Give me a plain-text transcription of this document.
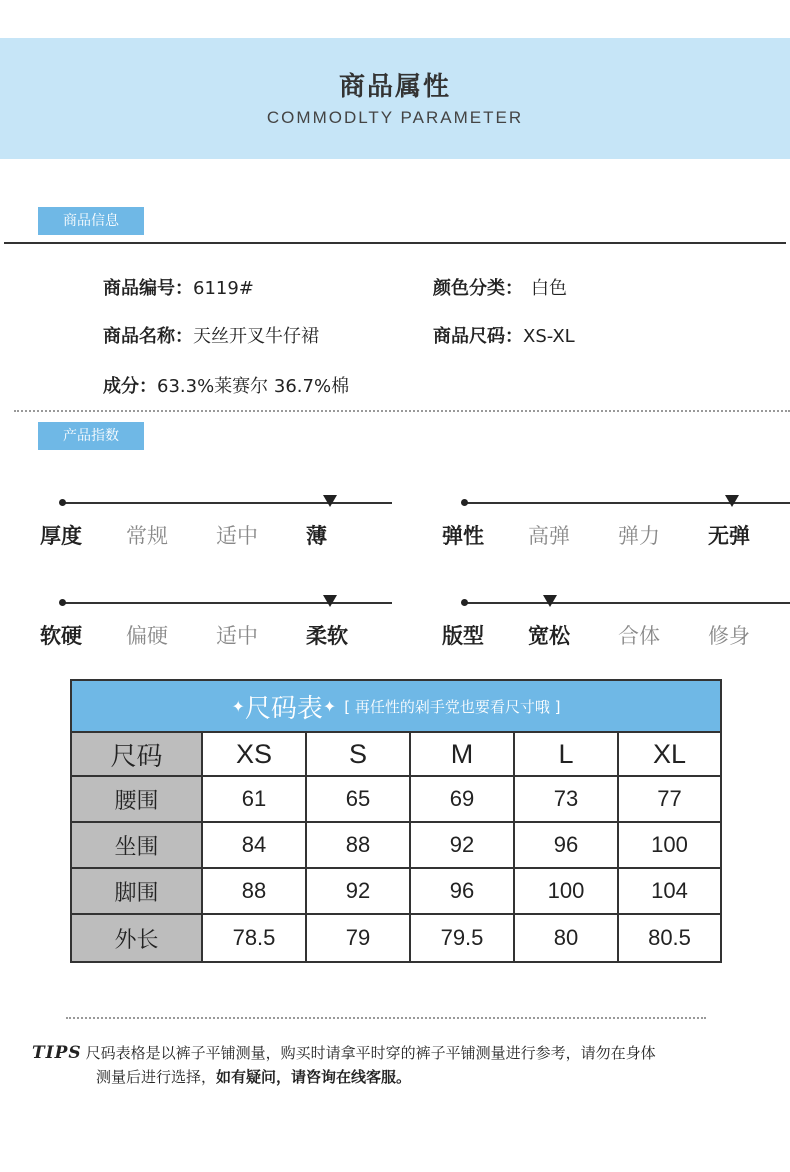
商品属性
COMMODLTY PARAMETER
商品信息
商品编号：6119#	颜色分类： 白色
商品名称：天丝开叉牛仔裙	商品尺码：XS-XL
成分：63.3%莱赛尔 36.7%棉
产品指数
厚度 常规 适中 薄	弹性 高弹 弹力 无弹
软硬 偏硬 适中 柔软	版型 宽松 合体 修身
✦ 尺码表 ✦ [ 再任性的剁手党也要看尺寸哦 ]
尺码	XS	S	M	L	XL
腰围	61	65	69	73	77
坐围	84	88	92	96	100
脚围	88	92	96	100	104
外长	78.5	79	79.5	80	80.5
TIPS 尺码表格是以裤子平铺测量，购买时请拿平时穿的裤子平铺测量进行参考，请勿在身体
测量后进行选择，如有疑问，请咨询在线客服。
